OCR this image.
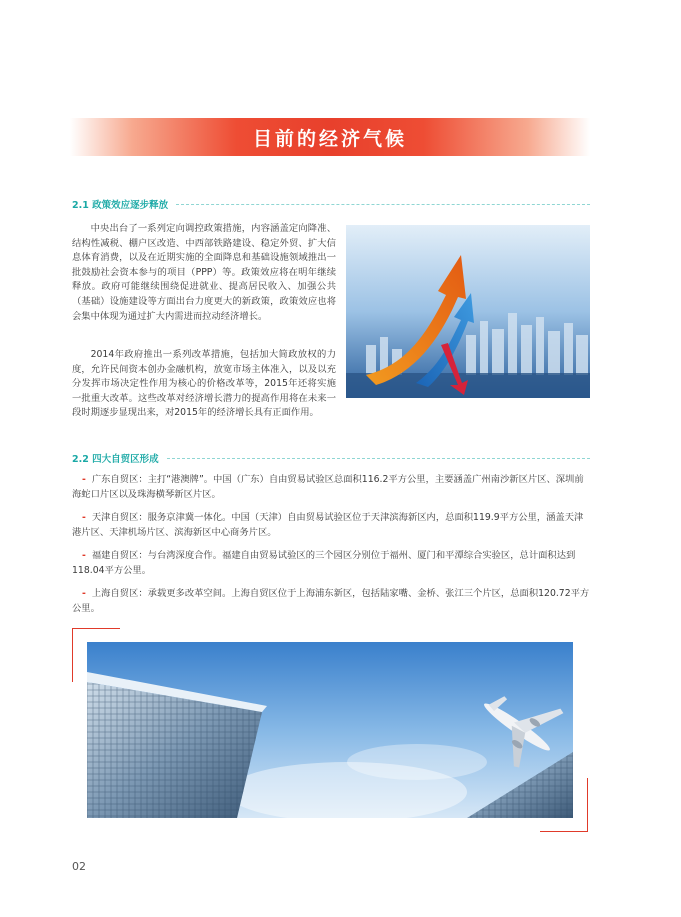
目前的经济气候
2.1 政策效应逐步释放

中央出台了一系列定向调控政策措施，内容涵盖定向降准、结构性减税、棚户区改造、中西部铁路建设、稳定外贸、扩大信息体育消费，以及在近期实施的全面降息和基础设施领域推出一批鼓励社会资本参与的项目（PPP）等。政策效应将在明年继续释放。政府可能继续围绕促进就业、提高居民收入、加强公共（基础）设施建设等方面出台力度更大的新政策，政策效应也将会集中体现为通过扩大内需进而拉动经济增长。

2014年政府推出一系列改革措施，包括加大简政放权的力度，允许民间资本创办金融机构，放宽市场主体准入，以及以充分发挥市场决定性作用为核心的价格改革等，2015年还将实施一批重大改革。这些改革对经济增长潜力的提高作用将在未来一段时期逐步显现出来，对2015年的经济增长具有正面作用。

2.2 四大自贸区形成
- 广东自贸区：主打“港澳牌”。中国（广东）自由贸易试验区总面积116.2平方公里，主要涵盖广州南沙新区片区、深圳前海蛇口片区以及珠海横琴新区片区。
- 天津自贸区：服务京津冀一体化。中国（天津）自由贸易试验区位于天津滨海新区内，总面积119.9平方公里，涵盖天津港片区、天津机场片区、滨海新区中心商务片区。
- 福建自贸区：与台湾深度合作。福建自由贸易试验区的三个园区分别位于福州、厦门和平潭综合实验区，总计面积达到118.04平方公里。
- 上海自贸区：承载更多改革空间。上海自贸区位于上海浦东新区，包括陆家嘴、金桥、张江三个片区，总面积120.72平方公里。
02
